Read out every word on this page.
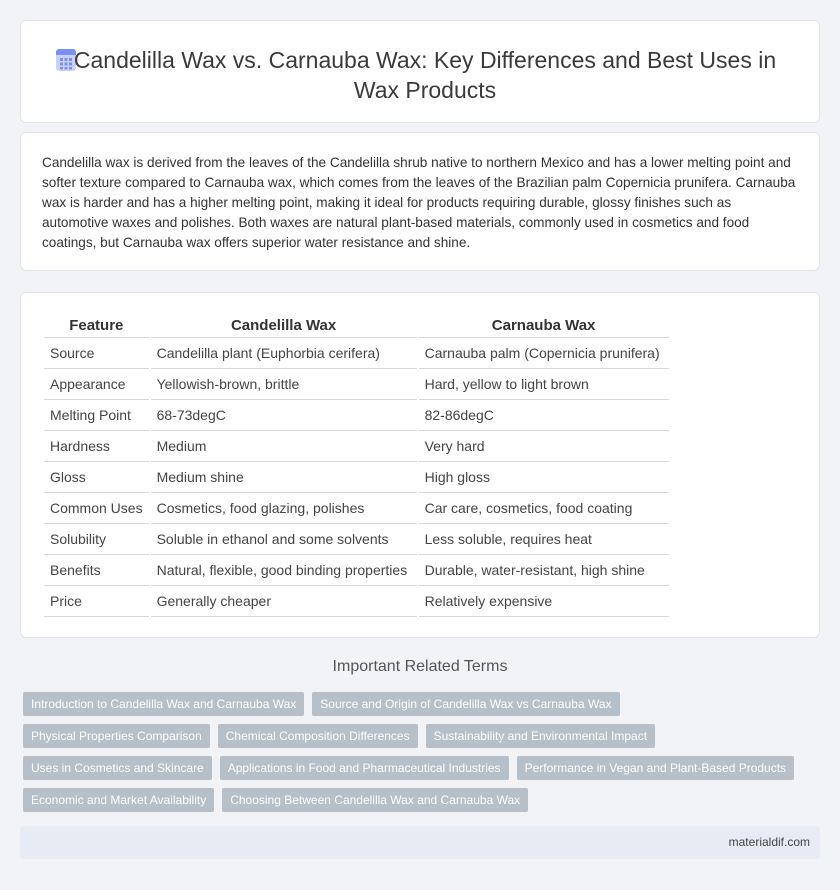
Candelilla Wax vs. Carnauba Wax: Key Differences and Best Uses in Wax Products

Candelilla wax is derived from the leaves of the Candelilla shrub native to northern Mexico and has a lower melting point and softer texture compared to Carnauba wax, which comes from the leaves of the Brazilian palm Copernicia prunifera. Carnauba wax is harder and has a higher melting point, making it ideal for products requiring durable, glossy finishes such as automotive waxes and polishes. Both waxes are natural plant-based materials, commonly used in cosmetics and food coatings, but Carnauba wax offers superior water resistance and shine.

Feature	Candelilla Wax	Carnauba Wax
Source	Candelilla plant (Euphorbia cerifera)	Carnauba palm (Copernicia prunifera)
Appearance	Yellowish-brown, brittle	Hard, yellow to light brown
Melting Point	68-73degC	82-86degC
Hardness	Medium	Very hard
Gloss	Medium shine	High gloss
Common Uses	Cosmetics, food glazing, polishes	Car care, cosmetics, food coating
Solubility	Soluble in ethanol and some solvents	Less soluble, requires heat
Benefits	Natural, flexible, good binding properties	Durable, water-resistant, high shine
Price	Generally cheaper	Relatively expensive
Important Related Terms
Introduction to Candelilla Wax and Carnauba Wax	Source and Origin of Candelilla Wax vs Carnauba Wax
Physical Properties Comparison	Chemical Composition Differences	Sustainability and Environmental Impact
Uses in Cosmetics and Skincare	Applications in Food and Pharmaceutical Industries	Performance in Vegan and Plant-Based Products
Economic and Market Availability	Choosing Between Candelilla Wax and Carnauba Wax
materialdif.com
